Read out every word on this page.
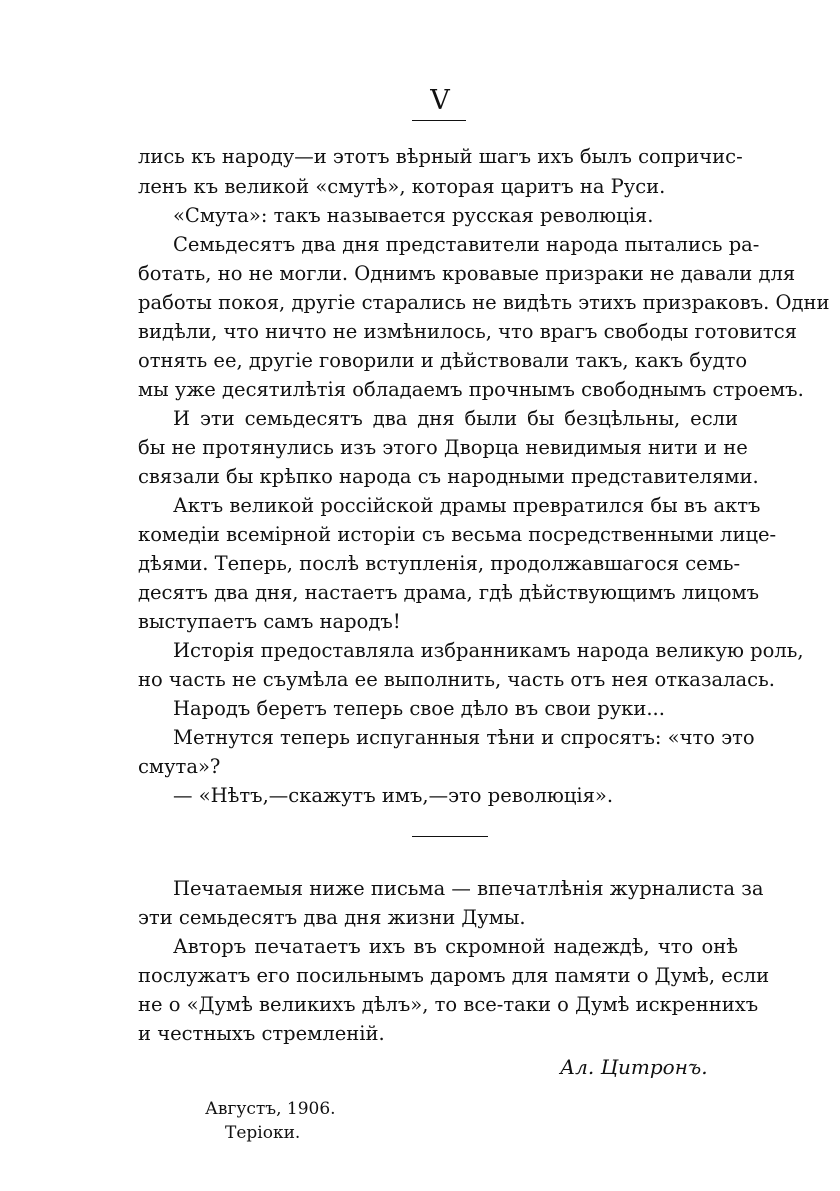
V
лись къ народу—и этотъ вѣрный шагъ ихъ былъ сопричис-
ленъ къ великой «смутѣ», которая царитъ на Руси.
«Смута»: такъ называется русская революція.
Семьдесятъ два дня представители народа пытались ра-
ботать, но не могли. Однимъ кровавые призраки не давали для
работы покоя, другіе старались не видѣть этихъ призраковъ. Одни
видѣли, что ничто не измѣнилось, что врагъ свободы готовится
отнять ее, другіе говорили и дѣйствовали такъ, какъ будто
мы уже десятилѣтія обладаемъ прочнымъ свободнымъ строемъ.
И эти семьдесятъ два дня были бы безцѣльны, если
бы не протянулись изъ этого Дворца невидимыя нити и не
связали бы крѣпко народа съ народными представителями.
Актъ великой россійской драмы превратился бы въ актъ
комедіи всемірной исторіи съ весьма посредственными лице-
дѣями. Теперь, послѣ вступленія, продолжавшагося семь-
десятъ два дня, настаетъ драма, гдѣ дѣйствующимъ лицомъ
выступаетъ самъ народъ!
Исторія предоставляла избранникамъ народа великую роль,
но часть не съумѣла ее выполнить, часть отъ нея отказалась.
Народъ беретъ теперь свое дѣло въ свои руки...
Метнутся теперь испуганныя тѣни и спросятъ: «что это
смута»?
— «Нѣтъ,—скажутъ имъ,—это революція».
Печатаемыя ниже письма — впечатлѣнія журналиста за
эти семьдесятъ два дня жизни Думы.
Авторъ печатаетъ ихъ въ скромной надеждѣ, что онѣ
послужатъ его посильнымъ даромъ для памяти о Думѣ, если
не о «Думѣ великихъ дѣлъ», то все-таки о Думѣ искреннихъ
и честныхъ стремленій.
Ал. Цитронъ.
Августъ, 1906.
Теріоки.
